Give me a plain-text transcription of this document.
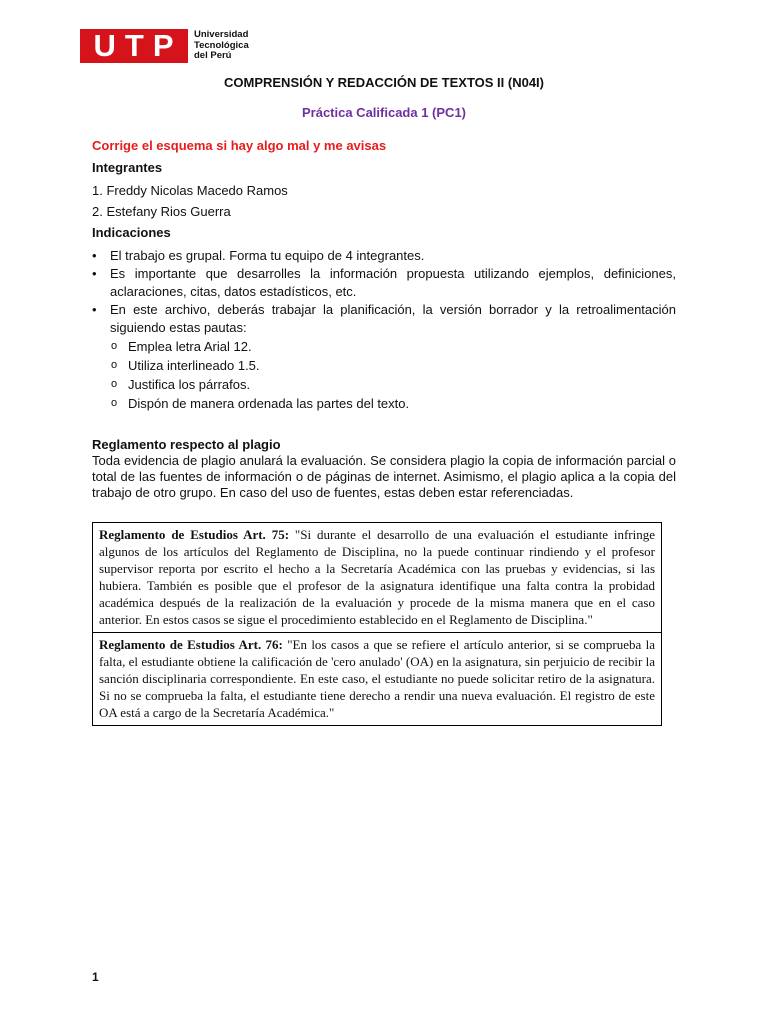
UTP Universidad
Tecnológica
del Perú
COMPRENSIÓN Y REDACCIÓN DE TEXTOS II (N04I)
Práctica Calificada 1 (PC1)
Corrige el esquema si hay algo mal y me avisas
Integrantes
1. Freddy Nicolas Macedo Ramos
2. Estefany Rios Guerra
Indicaciones
• El trabajo es grupal. Forma tu equipo de 4 integrantes.
• Es importante que desarrolles la información propuesta utilizando ejemplos, definiciones, aclaraciones, citas, datos estadísticos, etc.
• En este archivo, deberás trabajar la planificación, la versión borrador y la retroalimentación siguiendo estas pautas:
o Emplea letra Arial 12.
o Utiliza interlineado 1.5.
o Justifica los párrafos.
o Dispón de manera ordenada las partes del texto.
Reglamento respecto al plagio
Toda evidencia de plagio anulará la evaluación. Se considera plagio la copia de información parcial o total de las fuentes de información o de páginas de internet. Asimismo, el plagio aplica a la copia del trabajo de otro grupo. En caso del uso de fuentes, estas deben estar referenciadas.
Reglamento de Estudios Art. 75: "Si durante el desarrollo de una evaluación el estudiante infringe algunos de los artículos del Reglamento de Disciplina, no la puede continuar rindiendo y el profesor supervisor reporta por escrito el hecho a la Secretaría Académica con las pruebas y evidencias, si las hubiera. También es posible que el profesor de la asignatura identifique una falta contra la probidad académica después de la realización de la evaluación y procede de la misma manera que en el caso anterior. En estos casos se sigue el procedimiento establecido en el Reglamento de Disciplina."
Reglamento de Estudios Art. 76: "En los casos a que se refiere el artículo anterior, si se comprueba la falta, el estudiante obtiene la calificación de 'cero anulado' (OA) en la asignatura, sin perjuicio de recibir la sanción disciplinaria correspondiente. En este caso, el estudiante no puede solicitar retiro de la asignatura. Si no se comprueba la falta, el estudiante tiene derecho a rendir una nueva evaluación. El registro de este OA está a cargo de la Secretaría Académica."
1
